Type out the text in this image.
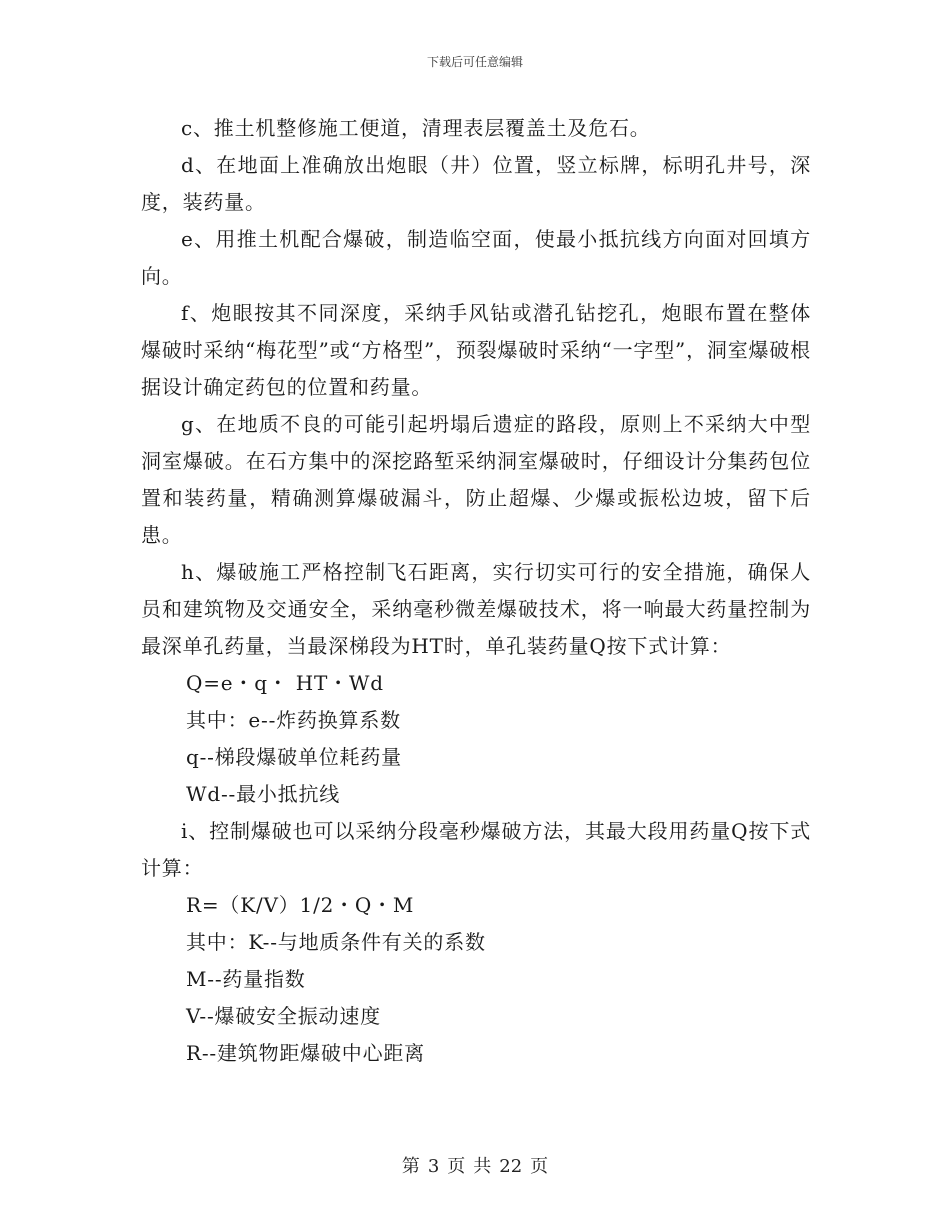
下载后可任意编辑

c、推土机整修施工便道，清理表层覆盖土及危石。

d、在地面上准确放出炮眼（井）位置，竖立标牌，标明孔井号，深度，装药量。

e、用推土机配合爆破，制造临空面，使最小抵抗线方向面对回填方向。

f、炮眼按其不同深度，采纳手风钻或潜孔钻挖孔，炮眼布置在整体爆破时采纳“梅花型”或“方格型”，预裂爆破时采纳“一字型”，洞室爆破根据设计确定药包的位置和药量。

g、在地质不良的可能引起坍塌后遗症的路段，原则上不采纳大中型洞室爆破。在石方集中的深挖路堑采纳洞室爆破时，仔细设计分集药包位置和装药量，精确测算爆破漏斗，防止超爆、少爆或振松边坡，留下后患。

h、爆破施工严格控制飞石距离，实行切实可行的安全措施，确保人员和建筑物及交通安全，采纳毫秒微差爆破技术，将一响最大药量控制为最深单孔药量，当最深梯段为HT时，单孔装药量Q按下式计算：

Q=e・q・ HT・Wd

其中：e--炸药换算系数

q--梯段爆破单位耗药量

Wd--最小抵抗线

i、控制爆破也可以采纳分段毫秒爆破方法，其最大段用药量Q按下式计算：

R=（K/V）1/2・Q・M

其中：K--与地质条件有关的系数

M--药量指数

V--爆破安全振动速度

R--建筑物距爆破中心距离

第 3 页 共 22 页
